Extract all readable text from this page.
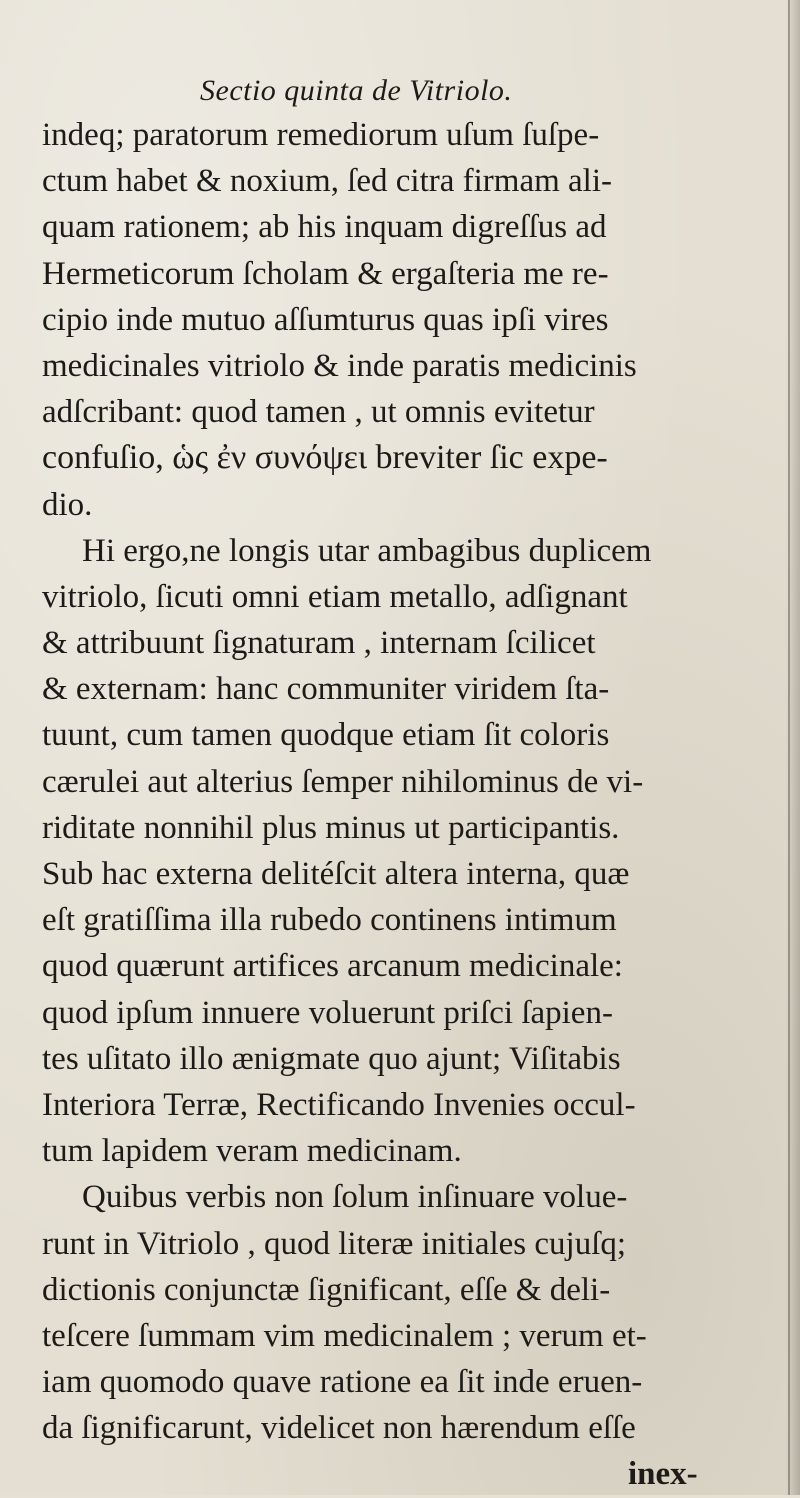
Sectio quinta de Vitriolo.
indeq; paratorum remediorum uſum ſuſpe-
ctum habet & noxium, ſed citra firmam ali-
quam rationem; ab his inquam digreſſus ad
Hermeticorum ſcholam & ergaſteria me re-
cipio inde mutuo aſſumturus quas ipſi vires
medicinales vitriolo & inde paratis medicinis
adſcribant: quod tamen , ut omnis evitetur
confuſio, ὡς ἐν συνόψει breviter ſic expe-
dio.
Hi ergo,ne longis utar ambagibus duplicem
vitriolo, ſicuti omni etiam metallo, adſignant
& attribuunt ſignaturam , internam ſcilicet
& externam: hanc communiter viridem ſta-
tuunt, cum tamen quodque etiam ſit coloris
cærulei aut alterius ſemper nihilominus de vi-
riditate nonnihil plus minus ut participantis.
Sub hac externa delitéſcit altera interna, quæ
eſt gratiſſima illa rubedo continens intimum
quod quærunt artifices arcanum medicinale:
quod ipſum innuere voluerunt priſci ſapien-
tes uſitato illo ænigmate quo ajunt; Viſitabis
Interiora Terræ, Rectificando Invenies occul-
tum lapidem veram medicinam.
Quibus verbis non ſolum inſinuare volue-
runt in Vitriolo , quod literæ initiales cujuſq;
dictionis conjunctæ ſignificant, eſſe & deli-
teſcere ſummam vim medicinalem ; verum et-
iam quomodo quave ratione ea ſit inde eruen-
da ſignificarunt, videlicet non hærendum eſſe
inex-
